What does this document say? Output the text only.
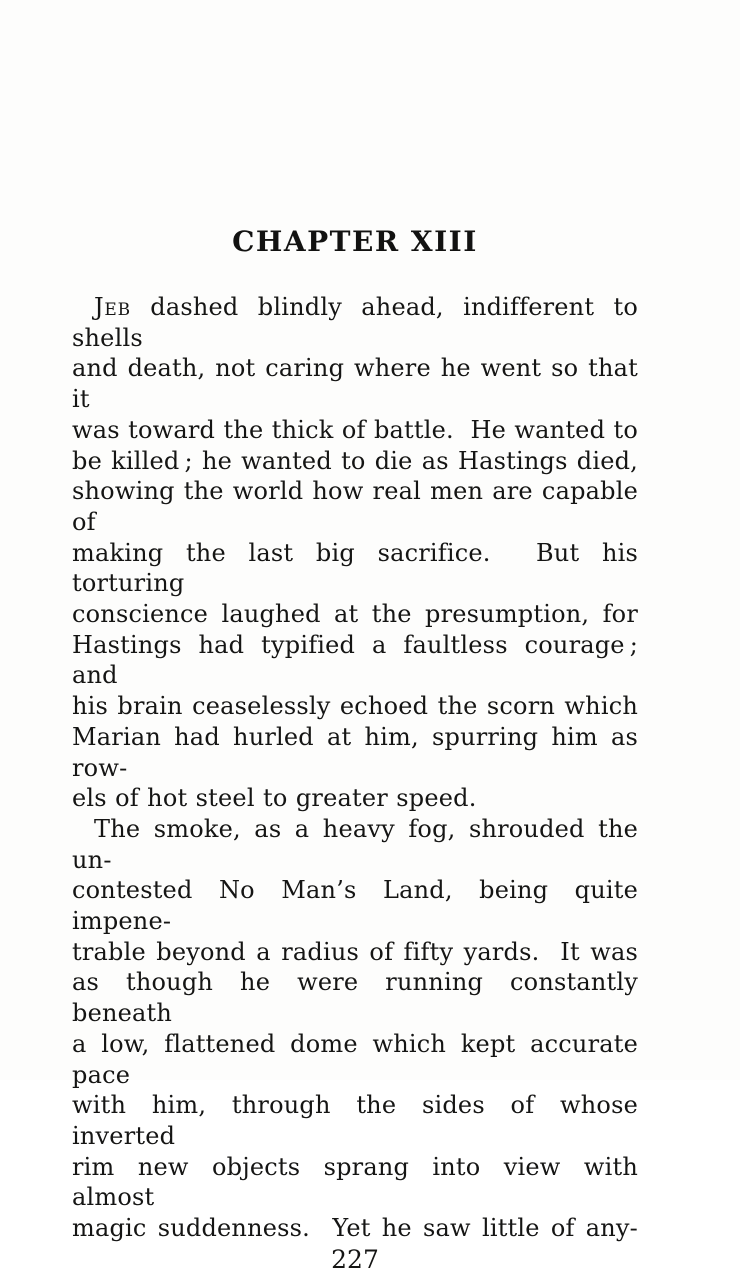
CHAPTER XIII
Jeb dashed blindly ahead, indifferent to shells
and death, not caring where he went so that it
was toward the thick of battle.  He wanted to
be killed ; he wanted to die as Hastings died,
showing the world how real men are capable of
making the last big sacrifice.  But his torturing
conscience laughed at the presumption, for
Hastings had typified a faultless courage ; and
his brain ceaselessly echoed the scorn which
Marian had hurled at him, spurring him as row-
els of hot steel to greater speed.
The smoke, as a heavy fog, shrouded the un-
contested No Man’s Land, being quite impene-
trable beyond a radius of fifty yards.  It was
as though he were running constantly beneath
a low, flattened dome which kept accurate pace
with him, through the sides of whose inverted
rim new objects sprang into view with almost
magic suddenness.  Yet he saw little of any-
227
